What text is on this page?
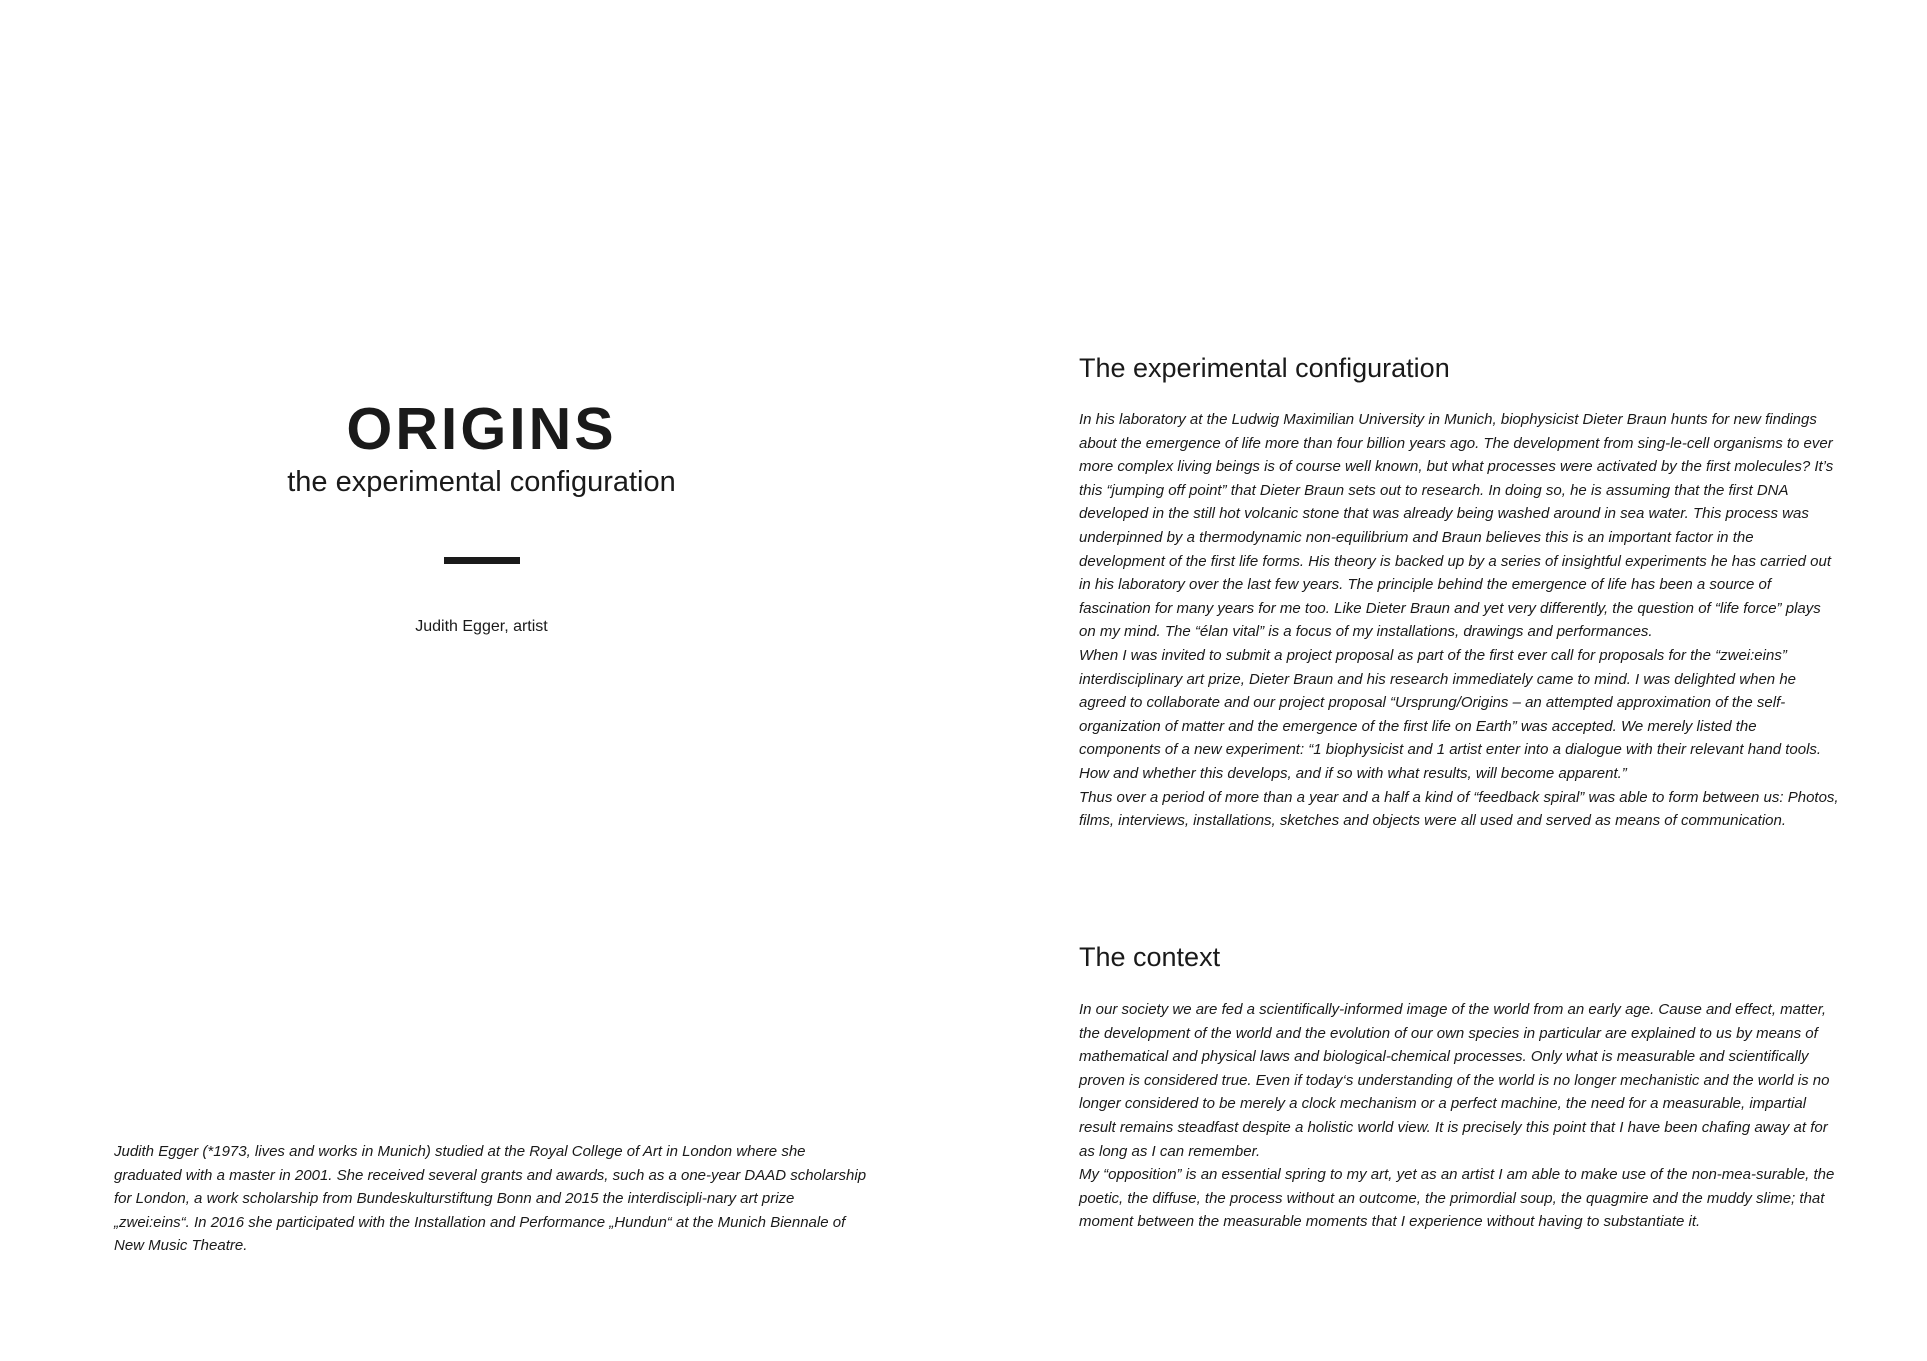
ORIGINS
the experimental configuration
Judith Egger, artist

Judith Egger (*1973, lives and works in Munich) studied at the Royal College of Art in London where she graduated with a master in 2001. She received several grants and awards, such as a one-year DAAD scholarship for London, a work scholarship from Bundeskulturstiftung Bonn and 2015 the interdiscipli-nary art prize „zwei:eins“. In 2016 she participated with the Installation and Performance „Hundun“ at the Munich Biennale of New Music Theatre.

The experimental configuration

In his laboratory at the Ludwig Maximilian University in Munich, biophysicist Dieter Braun hunts for new findings about the emergence of life more than four billion years ago. The development from sing-le-cell organisms to ever more complex living beings is of course well known, but what processes were activated by the first molecules? It’s this “jumping off point” that Dieter Braun sets out to research. In doing so, he is assuming that the first DNA developed in the still hot volcanic stone that was already being washed around in sea water. This process was underpinned by a thermodynamic non-equilibrium and Braun believes this is an important factor in the development of the first life forms. His theory is backed up by a series of insightful experiments he has carried out in his laboratory over the last few years. The principle behind the emergence of life has been a source of fascination for many years for me too. Like Dieter Braun and yet very differently, the question of “life force” plays on my mind. The “élan vital” is a focus of my installations, drawings and performances.

When I was invited to submit a project proposal as part of the first ever call for proposals for the “zwei:eins” interdisciplinary art prize, Dieter Braun and his research immediately came to mind. I was delighted when he agreed to collaborate and our project proposal “Ursprung/Origins – an attempted approximation of the self-organization of matter and the emergence of the first life on Earth” was accepted. We merely listed the components of a new experiment: “1 biophysicist and 1 artist enter into a dialogue with their relevant hand tools. How and whether this develops, and if so with what results, will become apparent.”

Thus over a period of more than a year and a half a kind of “feedback spiral” was able to form between us: Photos, films, interviews, installations, sketches and objects were all used and served as means of communication.

The context

In our society we are fed a scientifically-informed image of the world from an early age. Cause and effect, matter, the development of the world and the evolution of our own species in particular are explained to us by means of mathematical and physical laws and biological-chemical processes. Only what is measurable and scientifically proven is considered true. Even if today‘s understanding of the world is no longer mechanistic and the world is no longer considered to be merely a clock mechanism or a perfect machine, the need for a measurable, impartial result remains steadfast despite a holistic world view. It is precisely this point that I have been chafing away at for as long as I can remember.

My “opposition” is an essential spring to my art, yet as an artist I am able to make use of the non-mea-surable, the poetic, the diffuse, the process without an outcome, the primordial soup, the quagmire and the muddy slime; that moment between the measurable moments that I experience without having to substantiate it.
